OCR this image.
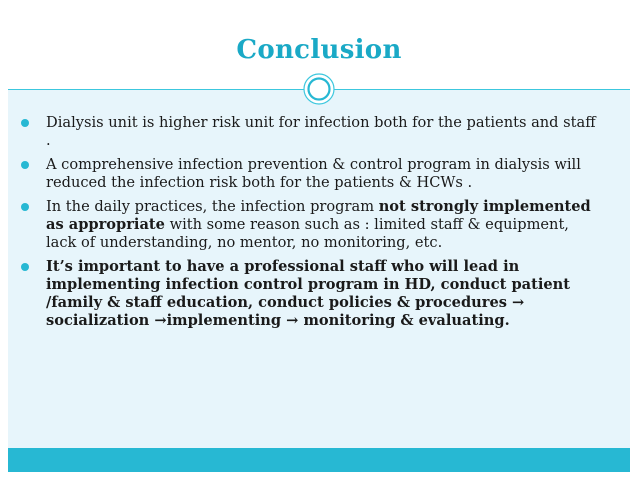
Conclusion
Dialysis unit is higher risk unit for infection both for the patients and staff .
A comprehensive infection prevention & control program in dialysis will reduced the infection risk both for the patients & HCWs .
In the daily practices, the infection program not strongly implemented as appropriate with some reason such as : limited staff & equipment, lack of understanding, no mentor, no monitoring, etc.
It’s important to have a professional staff who will lead in implementing infection control program in HD, conduct patient /family & staff education, conduct policies & procedures → socialization →implementing → monitoring & evaluating.
